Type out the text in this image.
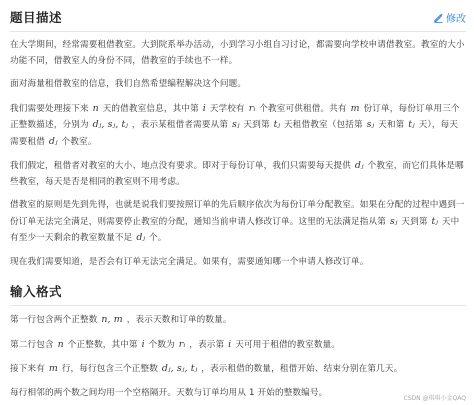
题目描述	修改

在大学期间，经常需要租借教室。大到院系举办活动，小到学习小组自习讨论，都需要向学校申请借教室。教室的大小功能不同，借教室人的身份不同，借教室的手续也不一样。

面对海量租借教室的信息，我们自然希望编程解决这个问题。

我们需要处理接下来 n 天的借教室信息，其中第 i 天学校有 rᵢ 个教室可供租借。共有 m 份订单，每份订单用三个正整数描述，分别为 dⱼ, sⱼ, tⱼ ，表示某租借者需要从第 sⱼ 天到第 tⱼ 天租借教室（包括第 sⱼ 天和第 tⱼ 天），每天需要租借 dⱼ 个教室。

我们假定，租借者对教室的大小、地点没有要求。即对于每份订单，我们只需要每天提供 dⱼ 个教室，而它们具体是哪些教室，每天是否是相同的教室则不用考虑。

借教室的原则是先到先得，也就是说我们要按照订单的先后顺序依次为每份订单分配教室。如果在分配的过程中遇到一份订单无法完全满足，则需要停止教室的分配，通知当前申请人修改订单。这里的无法满足指从第 sⱼ 天到第 tⱼ 天中有至少一天剩余的教室数量不足 dⱼ 个。

现在我们需要知道，是否会有订单无法完全满足。如果有，需要通知哪一个申请人修改订单。

输入格式

第一行包含两个正整数 n, m ，表示天数和订单的数量。

第二行包含 n 个正整数，其中第 i 个数为 rᵢ ，表示第 i 天可用于租借的教室数量。

接下来有 m 行，每行包含三个正整数 dⱼ, sⱼ, tⱼ ，表示租借的数量，租借开始、结束分别在第几天。

每行相邻的两个数之间均用一个空格隔开。天数与订单均用从 1 开始的整数编号。

CSDN @琪琪小金QAQ
